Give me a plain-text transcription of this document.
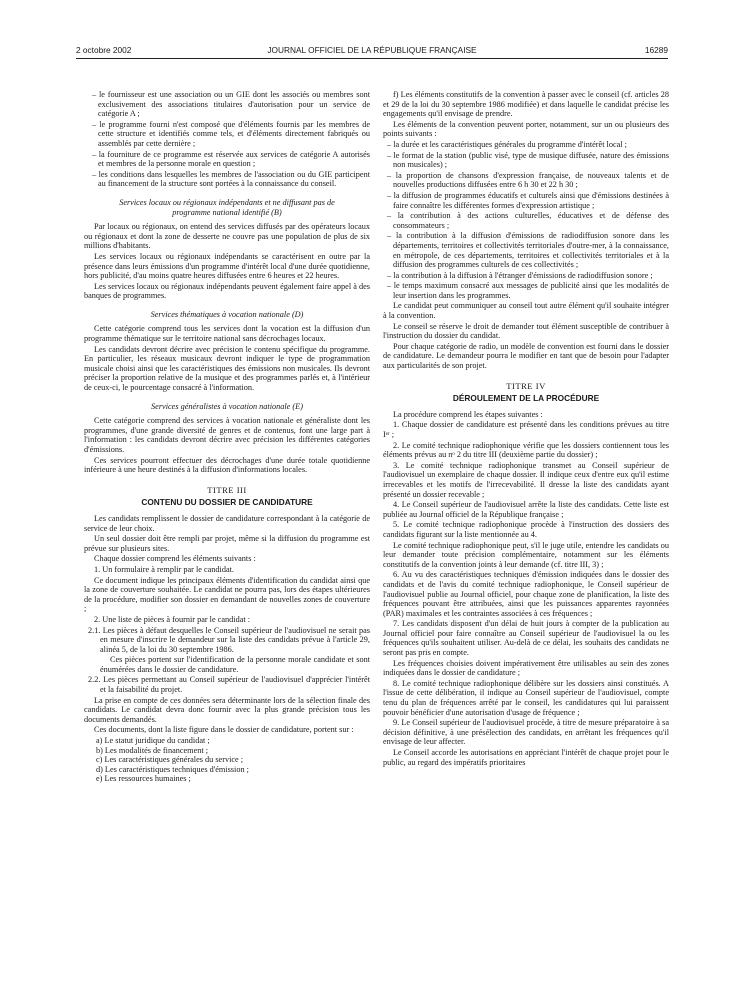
2 octobre 2002	JOURNAL OFFICIEL DE LA RÉPUBLIQUE FRANÇAISE	16289

– le fournisseur est une association ou un GIE dont les associés ou membres sont exclusivement des associations titulaires d'autorisation pour un service de catégorie A ;

– le programme fourni n'est composé que d'éléments fournis par les membres de cette structure et identifiés comme tels, et d'éléments directement fabriqués ou assemblés par cette dernière ;

– la fourniture de ce programme est réservée aux services de catégorie A autorisés et membres de la personne morale en question ;

– les conditions dans lesquelles les membres de l'association ou du GIE participent au financement de la structure sont portées à la connaissance du conseil.

Services locaux ou régionaux indépendants et ne diffusant pas de programme national identifié (B)

Par locaux ou régionaux, on entend des services diffusés par des opérateurs locaux ou régionaux et dont la zone de desserte ne couvre pas une population de plus de six millions d'habitants.

Les services locaux ou régionaux indépendants se caractérisent en outre par la présence dans leurs émissions d'un programme d'intérêt local d'une durée quotidienne, hors publicité, d'au moins quatre heures diffusées entre 6 heures et 22 heures.

Les services locaux ou régionaux indépendants peuvent également faire appel à des banques de programmes.

Services thématiques à vocation nationale (D)

Cette catégorie comprend tous les services dont la vocation est la diffusion d'un programme thématique sur le territoire national sans décrochages locaux.

Les candidats devront décrire avec précision le contenu spécifique du programme. En particulier, les réseaux musicaux devront indiquer le type de programmation musicale choisi ainsi que les caractéristiques des émissions non musicales. Ils devront préciser la proportion relative de la musique et des programmes parlés et, à l'intérieur de ceux-ci, le pourcentage consacré à l'information.

Services généralistes à vocation nationale (E)

Cette catégorie comprend des services à vocation nationale et généraliste dont les programmes, d'une grande diversité de genres et de contenus, font une large part à l'information : les candidats devront décrire avec précision les différentes catégories d'émissions.

Ces services pourront effectuer des décrochages d'une durée totale quotidienne inférieure à une heure destinés à la diffusion d'informations locales.

TITRE III
CONTENU DU DOSSIER DE CANDIDATURE

Les candidats remplissent le dossier de candidature correspondant à la catégorie de service de leur choix.

Un seul dossier doit être rempli par projet, même si la diffusion du programme est prévue sur plusieurs sites.

Chaque dossier comprend les éléments suivants :

1. Un formulaire à remplir par le candidat.

Ce document indique les principaux éléments d'identification du candidat ainsi que la zone de couverture souhaitée. Le candidat ne pourra pas, lors des étapes ultérieures de la procédure, modifier son dossier en demandant de nouvelles zones de couverture ;

2. Une liste de pièces à fournir par le candidat :

2.1. Les pièces à défaut desquelles le Conseil supérieur de l'audiovisuel ne serait pas en mesure d'inscrire le demandeur sur la liste des candidats prévue à l'article 29, alinéa 5, de la loi du 30 septembre 1986.

Ces pièces portent sur l'identification de la personne morale candidate et sont énumérées dans le dossier de candidature.

2.2. Les pièces permettant au Conseil supérieur de l'audiovisuel d'apprécier l'intérêt et la faisabilité du projet.

La prise en compte de ces données sera déterminante lors de la sélection finale des candidats. Le candidat devra donc fournir avec la plus grande précision tous les documents demandés.

Ces documents, dont la liste figure dans le dossier de candidature, portent sur :

a) Le statut juridique du candidat ;

b) Les modalités de financement ;

c) Les caractéristiques générales du service ;

d) Les caractéristiques techniques d'émission ;

e) Les ressources humaines ;

f) Les éléments constitutifs de la convention à passer avec le conseil (cf. articles 28 et 29 de la loi du 30 septembre 1986 modifiée) et dans laquelle le candidat précise les engagements qu'il envisage de prendre.

Les éléments de la convention peuvent porter, notamment, sur un ou plusieurs des points suivants :

– la durée et les caractéristiques générales du programme d'intérêt local ;

– le format de la station (public visé, type de musique diffusée, nature des émissions non musicales) ;

– la proportion de chansons d'expression française, de nouveaux talents et de nouvelles productions diffusées entre 6 h 30 et 22 h 30 ;

– la diffusion de programmes éducatifs et culturels ainsi que d'émissions destinées à faire connaître les différentes formes d'expression artistique ;

– la contribution à des actions culturelles, éducatives et de défense des consommateurs ;

– la contribution à la diffusion d'émissions de radiodiffusion sonore dans les départements, territoires et collectivités territoriales d'outre-mer, à la connaissance, en métropole, de ces départements, territoires et collectivités territoriales et à la diffusion des programmes culturels de ces collectivités ;

– la contribution à la diffusion à l'étranger d'émissions de radiodiffusion sonore ;

– le temps maximum consacré aux messages de publicité ainsi que les modalités de leur insertion dans les programmes.

Le candidat peut communiquer au conseil tout autre élément qu'il souhaite intégrer à la convention.

Le conseil se réserve le droit de demander tout élément susceptible de contribuer à l'instruction du dossier du candidat.

Pour chaque catégorie de radio, un modèle de convention est fourni dans le dossier de candidature. Le demandeur pourra le modifier en tant que de besoin pour l'adapter aux particularités de son projet.

TITRE IV
DÉROULEMENT DE LA PROCÉDURE

La procédure comprend les étapes suivantes :

1. Chaque dossier de candidature est présenté dans les conditions prévues au titre Iᵉʳ ;

2. Le comité technique radiophonique vérifie que les dossiers contiennent tous les éléments prévus au nᵒ 2 du titre III (deuxième partie du dossier) ;

3. Le comité technique radiophonique transmet au Conseil supérieur de l'audiovisuel un exemplaire de chaque dossier. Il indique ceux d'entre eux qu'il estime irrecevables et les motifs de l'irrecevabilité. Il dresse la liste des candidats ayant présenté un dossier recevable ;

4. Le Conseil supérieur de l'audiovisuel arrête la liste des candidats. Cette liste est publiée au Journal officiel de la République française ;

5. Le comité technique radiophonique procède à l'instruction des dossiers des candidats figurant sur la liste mentionnée au 4.

Le comité technique radiophonique peut, s'il le juge utile, entendre les candidats ou leur demander toute précision complémentaire, notamment sur les éléments constitutifs de la convention joints à leur demande (cf. titre III, 3) ;

6. Au vu des caractéristiques techniques d'émission indiquées dans le dossier des candidats et de l'avis du comité technique radiophonique, le Conseil supérieur de l'audiovisuel publie au Journal officiel, pour chaque zone de planification, la liste des fréquences pouvant être attribuées, ainsi que les puissances apparentes rayonnées (PAR) maximales et les contraintes associées à ces fréquences ;

7. Les candidats disposent d'un délai de huit jours à compter de la publication au Journal officiel pour faire connaître au Conseil supérieur de l'audiovisuel la ou les fréquences qu'ils souhaitent utiliser. Au-delà de ce délai, les souhaits des candidats ne seront pas pris en compte.

Les fréquences choisies doivent impérativement être utilisables au sein des zones indiquées dans le dossier de candidature ;

8. Le comité technique radiophonique délibère sur les dossiers ainsi constitués. A l'issue de cette délibération, il indique au Conseil supérieur de l'audiovisuel, compte tenu du plan de fréquences arrêté par le conseil, les candidatures qui lui paraissent pouvoir bénéficier d'une autorisation d'usage de fréquence ;

9. Le Conseil supérieur de l'audiovisuel procède, à titre de mesure préparatoire à sa décision définitive, à une présélection des candidats, en arrêtant les fréquences qu'il envisage de leur affecter.

Le Conseil accorde les autorisations en appréciant l'intérêt de chaque projet pour le public, au regard des impératifs prioritaires
